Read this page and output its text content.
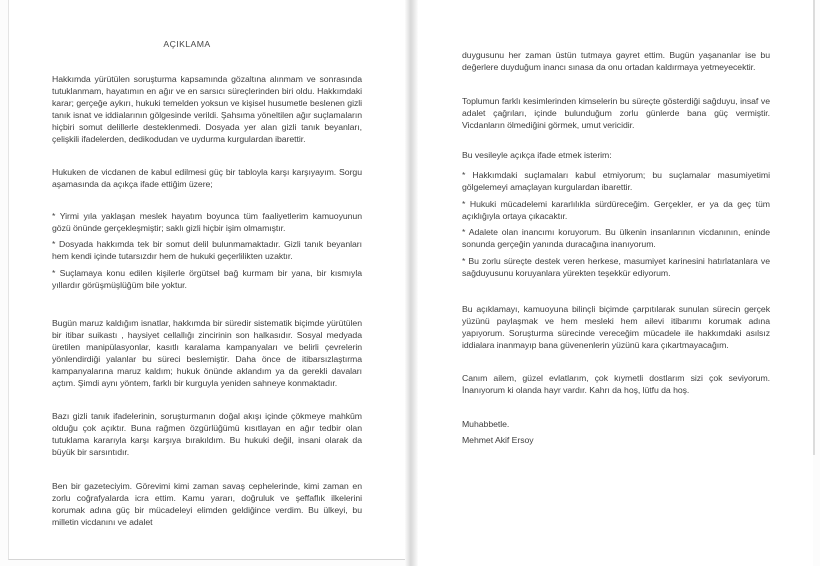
AÇIKLAMA

Hakkımda yürütülen soruşturma kapsamında gözaltına alınmam ve sonrasında tutuklanmam, hayatımın en ağır ve en sarsıcı süreçlerinden biri oldu. Hakkımdaki karar; gerçeğe aykırı, hukuki temelden yoksun ve kişisel husumetle beslenen gizli tanık isnat ve iddialarının gölgesinde verildi. Şahsıma yöneltilen ağır suçlamaların hiçbiri somut delillerle desteklenmedi. Dosyada yer alan gizli tanık beyanları, çelişkili ifadelerden, dedikodudan ve uydurma kurgulardan ibarettir.

Hukuken de vicdanen de kabul edilmesi güç bir tabloyla karşı karşıyayım. Sorgu aşamasında da açıkça ifade ettiğim üzere;

* Yirmi yıla yaklaşan meslek hayatım boyunca tüm faaliyetlerim kamuoyunun gözü önünde gerçekleşmiştir; saklı gizli hiçbir işim olmamıştır.

* Dosyada hakkımda tek bir somut delil bulunmamaktadır. Gizli tanık beyanları hem kendi içinde tutarsızdır hem de hukuki geçerlilikten uzaktır.

* Suçlamaya konu edilen kişilerle örgütsel bağ kurmam bir yana, bir kısmıyla yıllardır görüşmüşlüğüm bile yoktur.

Bugün maruz kaldığım isnatlar, hakkımda bir süredir sistematik biçimde yürütülen bir itibar suikastı , haysiyet cellallığı zincirinin son halkasıdır. Sosyal medyada üretilen manipülasyonlar, kasıtlı karalama kampanyaları ve belirli çevrelerin yönlendirdiği yalanlar bu süreci beslemiştir. Daha önce de itibarsızlaştırma kampanyalarına maruz kaldım; hukuk önünde aklandım ya da gerekli davaları açtım. Şimdi aynı yöntem, farklı bir kurguyla yeniden sahneye konmaktadır.

Bazı gizli tanık ifadelerinin, soruşturmanın doğal akışı içinde çökmeye mahkûm olduğu çok açıktır. Buna rağmen özgürlüğümü kısıtlayan en ağır tedbir olan tutuklama kararıyla karşı karşıya bırakıldım. Bu hukuki değil, insani olarak da büyük bir sarsıntıdır.

Ben bir gazeteciyim. Görevimi kimi zaman savaş cephelerinde, kimi zaman en zorlu coğrafyalarda icra ettim. Kamu yararı, doğruluk ve şeffaflık ilkelerini korumak adına güç bir mücadeleyi elimden geldiğince verdim. Bu ülkeyi, bu milletin vicdanını ve adalet

duygusunu her zaman üstün tutmaya gayret ettim. Bugün yaşananlar ise bu değerlere duyduğum inancı sınasa da onu ortadan kaldırmaya yetmeyecektir.

Toplumun farklı kesimlerinden kimselerin bu süreçte gösterdiği sağduyu, insaf ve adalet çağrıları, içinde bulunduğum zorlu günlerde bana güç vermiştir. Vicdanların ölmediğini görmek, umut vericidir.

Bu vesileyle açıkça ifade etmek isterim:

* Hakkımdaki suçlamaları kabul etmiyorum; bu suçlamalar masumiyetimi gölgelemeyi amaçlayan kurgulardan ibarettir.

* Hukuki mücadelemi kararlılıkla sürdüreceğim. Gerçekler, er ya da geç tüm açıklığıyla ortaya çıkacaktır.

* Adalete olan inancımı koruyorum. Bu ülkenin insanlarının vicdanının, eninde sonunda gerçeğin yanında duracağına inanıyorum.

* Bu zorlu süreçte destek veren herkese, masumiyet karinesini hatırlatanlara ve sağduyusunu koruyanlara yürekten teşekkür ediyorum.

Bu açıklamayı, kamuoyuna bilinçli biçimde çarpıtılarak sunulan sürecin gerçek yüzünü paylaşmak ve hem mesleki hem ailevi itibarımı korumak adına yapıyorum. Soruşturma sürecinde vereceğim mücadele ile hakkımdaki asılsız iddialara inanmayıp bana güvenenlerin yüzünü kara çıkartmayacağım.

Canım ailem, güzel evlatlarım, çok kıymetli dostlarım sizi çok seviyorum. İnanıyorum ki olanda hayr vardır. Kahrı da hoş, lütfu da hoş.

Muhabbetle.

Mehmet Akif Ersoy
